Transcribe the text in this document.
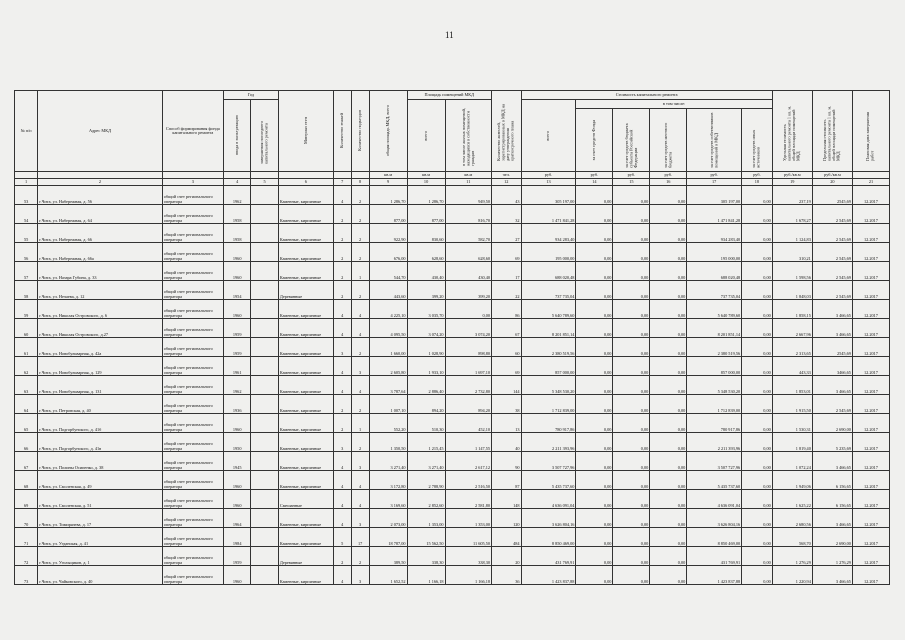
11
№ п/п	Адрес МКД	Способ формирования фонда капитального ремонта	Год		Материал стен	Количество этажей	Количество подъездов	общая площадь МКД, всего	Площадь помещений МКД		Количество жителей, зарегистрированных в МКД на дату утверждения краткосрочного плана	Стоимость капитального ремонта						Удельная стоимость капитального ремонта 1 кв. м. общей площади помещений МКД	Предельная стоимость капитального ремонта 1 кв. м. общей площади помещений МКД	Плановая дата завершения работ

			ввода в эксплуатацию	завершения последнего капитального ремонта					всего	в том числе жилых помещений, находящихся в собственности граждан		всего	в том числе:							

													за счет средств Фонда	за счет средств бюджета субъекта Российской Федерации	за счет средств местного бюджета	за счет средств собственников помещений в МКД	за счет средств иных источников			

								кв.м	кв.м	кв.м	чел.	руб.	руб.	руб.	руб.	руб.	руб.	руб./кв.м	руб./кв.м	
1	2	3	4	5	6	7	8	9	10	11	12	13	14	15	16	17	18	19	20	21
53	г.Чита, ул. Набережная, д. 56	общий счет регионального оператора	1962		Каменные, кирпичные	4	2	1 286,70	1 286,70	949,50	43	305 197,00	0,00	0,00	0,00	305 197,00	0,00	237,19	2545,69	12.2017
54	г.Чита, ул. Набережная, д. 64	общий счет регионального оператора	1958		Каменные, кирпичные	2	2	877,00	877,00	816,70	32	1 471 841,28	0,00	0,00	0,00	1 471 841,28	0,00	1 678,27	2 545,69	12.2017
55	г.Чита, ул. Набережная, д. 66	общий счет регионального оператора	1958		Каменные, кирпичные	2	2	922,90	830,60	582,70	27	934 283,40	0,00	0,00	0,00	934 283,40	0,00	1 124,83	2 545,69	12.2017
56	г.Чита, ул. Набережная, д. 66а	общий счет регионального оператора	1960		Каменные, кирпичные	2	2	676,00	628,60	628,60	69	195 000,00	0,00	0,00	0,00	195 000,00	0,00	310,21	2 545,69	12.2017
57	г.Чита, ул. Назара Губина, д. 33	общий счет регионального оператора	1960		Каменные, кирпичные	2	1	544,70	430,40	430,40	17	688 020,48	0,00	0,00	0,00	688 020,48	0,00	1 598,56	2 545,69	12.2017
58	г.Чита, ул. Нечаева, д. 12	общий счет регионального оператора	1954		Деревянные	2	2	443,60	399,20	399,20	22	737 735,04	0,00	0,00	0,00	737 735,04	0,00	1 848,03	2 545,69	12.2017
59	г.Чита, ул. Николая Островского, д. 6	общий счет регионального оператора	1960		Каменные, кирпичные	4	4	4 225,10	3 035,70	0,00	86	5 640 789,60	0,00	0,00	0,00	5 640 789,60	0,00	1 858,15	3 466,65	12.2017
60	г.Чита, ул. Николая Островского, д.27	общий счет регионального оператора	1959		Каменные, кирпичные	4	4	4 095,50	3 074,20	3 074,20	67	8 201 851,14	0,00	0,00	0,00	8 201 851,14	0,00	2 667,96	3 466,65	12.2017
61	г.Чита, ул. Новобульварная, д. 42а	общий счет регионального оператора	1959		Каменные, кирпичные	3	2	1 660,00	1 028,90	898,80	60	2 380 519,56	0,00	0,00	0,00	2 380 519,56	0,00	2 313,65	2545,69	12.2017
62	г.Чита, ул. Новобульварная, д. 129	общий счет регионального оператора	1961		Каменные, кирпичные	4	3	2 605,80	1 933,10	1 697,10	69	857 000,00	0,00	0,00	0,00	857 000,00	0,00	443,33	3466,65	12.2017
63	г.Чита, ул. Новобульварная, д. 131	общий счет регионального оператора	1962		Каменные, кирпичные	4	4	3 787,64	2 886,40	2 732,80	144	5 348 530,20	0,00	0,00	0,00	5 348 530,20	0,00	1 853,01	3 466,65	12.2017
64	г.Чита, ул. Петровская, д. 40	общий счет регионального оператора	1936		Каменные, кирпичные	2	2	1 007,10	894,20	894,20	38	1 712 839,00	0,00	0,00	0,00	1 712 839,00	0,00	1 915,50	2 545,69	12.2017
65	г.Чита, ул. Подгорбунского, д. 41б	общий счет регионального оператора	1960		Каменные, кирпичные	2	1	552,20	510,30	452,10	13	780 917,86	0,00	0,00	0,00	780 917,86	0,00	1 530,31	2 690,00	12.2017
66	г.Чита, ул. Подгорбунского, д. 41в	общий счет регионального оператора	1950		Каменные, кирпичные	3	2	1 350,50	1 215,45	1 147,55	40	2 211 393,96	0,00	0,00	0,00	2 211 393,96	0,00	1 819,40	5 235,69	12.2017
67	г.Чита, ул. Полины Осипенко, д. 38	общий счет регионального оператора	1945		Каменные, кирпичные	4	3	3 271,40	3 271,40	2 617,12	90	3 507 727,96	0,00	0,00	0,00	3 507 727,96	0,00	1 072,24	3 466,65	12.2017
68	г.Чита, ул. Смоленская, д. 49	общий счет регионального оператора	1960		Каменные, кирпичные	4	4	3 172,80	2 788,90	2 516,50	87	5 435 737,60	0,00	0,00	0,00	5 435 737,60	0,00	1 949,06	6 156,65	12.2017
69	г.Чита, ул. Смоленская, д. 51	общий счет регионального оператора	1960		Смешанные	4	4	3 169,60	2 852,60	2 581,80	148	4 636 091,04	0,00	0,00	0,00	4 636 091,04	0,00	1 625,22	6 156,65	12.2017
70	г.Чита, ул. Тимирязева, д. 17	общий счет регионального оператора	1964		Каменные, кирпичные	4	3	2 073,00	1 353,00	1 353,00	120	3 626 804,16	0,00	0,00	0,00	3 626 804,16	0,00	2 680,56	3 466,65	12.2017
71	г.Чита, ул. Угданская, д. 41	общий счет регионального оператора	1984		Каменные, кирпичные	5	17	18 787,00	15 562,50	11 605,50	484	8 850 469,00	0,00	0,00	0,00	8 850 469,00	0,00	568,70	2 690,00	12.2017
72	г.Чита, ул. Угольщиков, д. 1	общий счет регионального оператора	1959		Деревянные	2	2	389,50	338,30	338,30	20	431 769,91	0,00	0,00	0,00	431 769,91	0,00	1 276,29	1 276,29	12.2017
73	г.Чита, ул. Чайковского, д. 40	общий счет регионального оператора	1960		Каменные, кирпичные	4	3	1 652,52	1 166,18	1 166,18	36	1 423 837,88	0,00	0,00	0,00	1 423 837,88	0,00	1 220,94	3 466,65	12.2017
